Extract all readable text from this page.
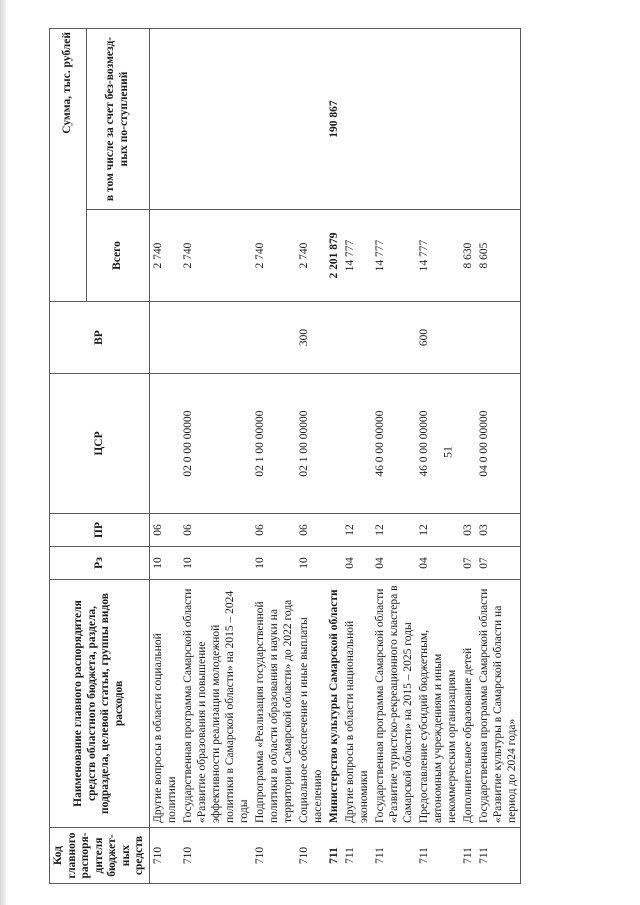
51
Код главного распоря-дителя бюджет-ных средств	Наименование главного распорядителя средств областного бюджета, раздела, подраздела, целевой статьи, группы видов расходов	Рз	ПР	ЦСР	ВР	Сумма, тыс. рублей	
						Всего	в том числе за счет без-возмезд-ных по-ступлений
710	Другие вопросы в области социальной политики	10	06			2 740	
710	Государственная программа Самарской области «Развитие образования и повышение эффективности реализации молодежной политики в Самарской области» на 2015 – 2024 годы	10	06	02 0 00 00000		2 740	
710	Подпрограмма «Реализация государственной политики в области образования и науки на территории Самарской области» до 2022 года	10	06	02 1 00 00000		2 740	
710	Социальное обеспечение и иные выплаты населению	10	06	02 1 00 00000	300	2 740	
711	Министерство культуры Самарской области					2 201 879	190 867
711	Другие вопросы в области национальной экономики	04	12			14 777	
711	Государственная программа Самарской области «Развитие туристско-рекреационного кластера в Самарской области» на 2015 – 2025 годы	04	12	46 0 00 00000		14 777	
711	Предоставление субсидий бюджетным, автономным учреждениям и иным некоммерческим организациям	04	12	46 0 00 00000	600	14 777	
711	Дополнительное образование детей	07	03			8 630	
711	Государственная программа Самарской области «Развитие культуры в Самарской области на период до 2024 года»	07	03	04 0 00 00000		8 605	
